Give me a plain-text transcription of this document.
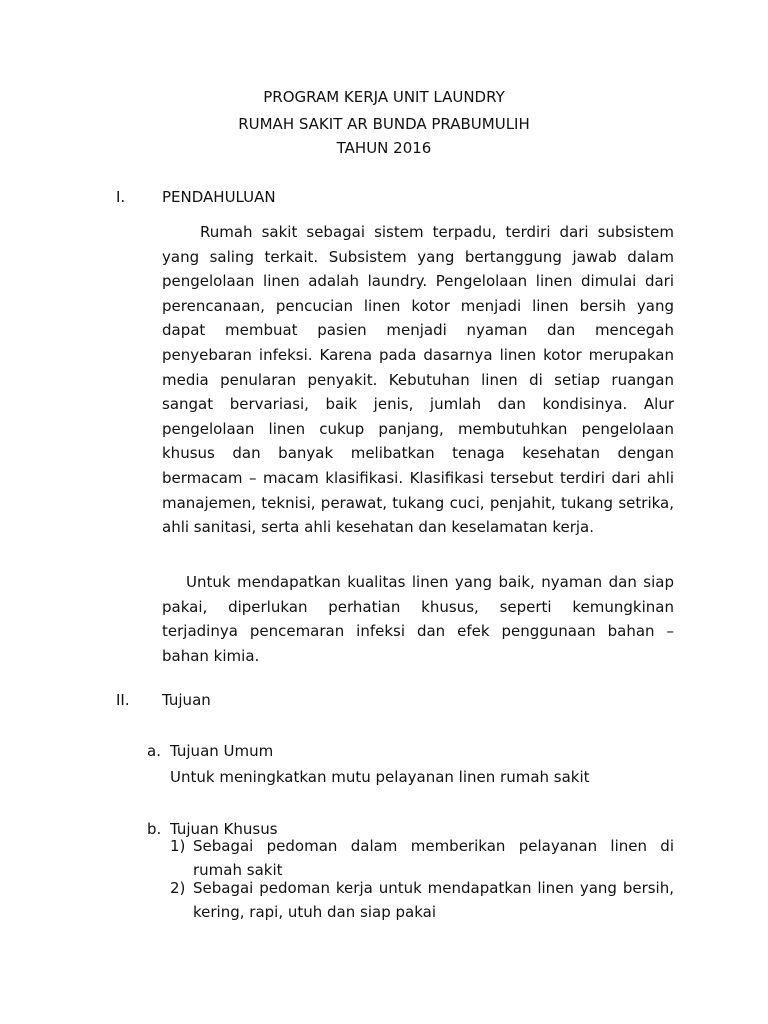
PROGRAM KERJA UNIT LAUNDRY
RUMAH SAKIT AR BUNDA PRABUMULIH
TAHUN 2016
I. PENDAHULUAN
Rumah sakit sebagai sistem terpadu, terdiri dari subsistem yang saling terkait. Subsistem yang bertanggung jawab dalam pengelolaan linen adalah laundry. Pengelolaan linen dimulai dari perencanaan, pencucian linen kotor menjadi linen bersih yang dapat membuat pasien menjadi nyaman dan mencegah penyebaran infeksi. Karena pada dasarnya linen kotor merupakan media penularan penyakit. Kebutuhan linen di setiap ruangan sangat bervariasi, baik jenis, jumlah dan kondisinya. Alur pengelolaan linen cukup panjang, membutuhkan pengelolaan khusus dan banyak melibatkan tenaga kesehatan dengan bermacam – macam klasifikasi. Klasifikasi tersebut terdiri dari ahli manajemen, teknisi, perawat, tukang cuci, penjahit, tukang setrika, ahli sanitasi, serta ahli kesehatan dan keselamatan kerja.
Untuk mendapatkan kualitas linen yang baik, nyaman dan siap pakai, diperlukan perhatian khusus, seperti kemungkinan terjadinya pencemaran infeksi dan efek penggunaan bahan – bahan kimia.
II. Tujuan
a. Tujuan Umum
Untuk meningkatkan mutu pelayanan linen rumah sakit
b. Tujuan Khusus
1) Sebagai pedoman dalam memberikan pelayanan linen di rumah sakit
2) Sebagai pedoman kerja untuk mendapatkan linen yang bersih, kering, rapi, utuh dan siap pakai
